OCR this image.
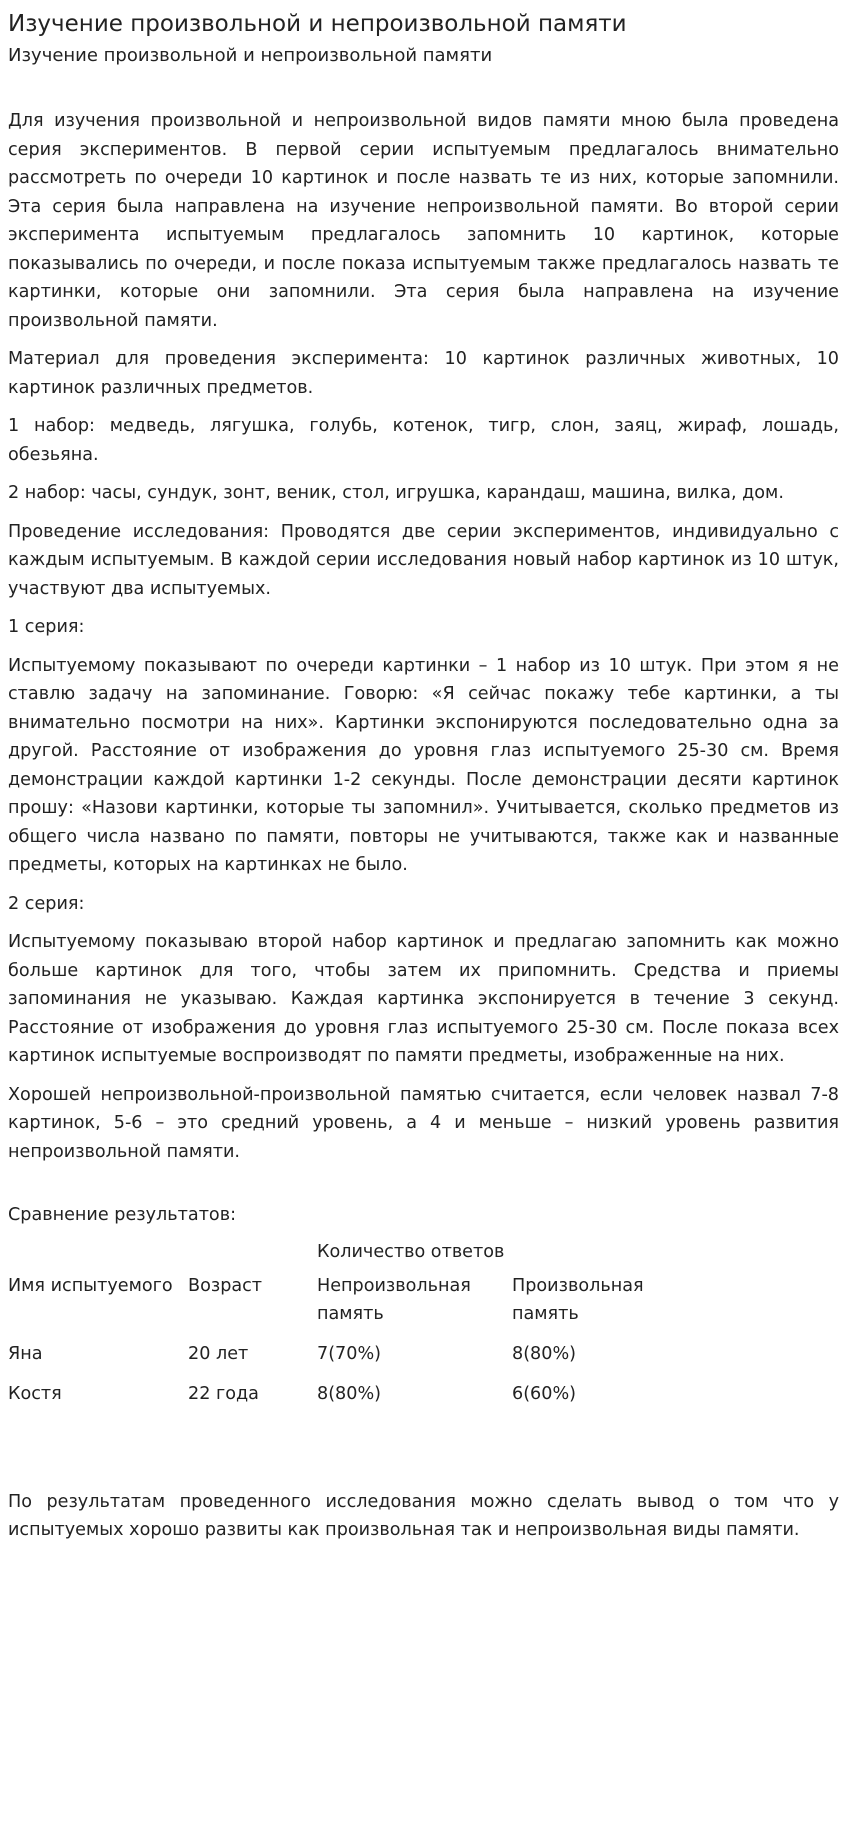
Изучение произвольной и непроизвольной памяти
Изучение произвольной и непроизвольной памяти

Для изучения произвольной и непроизвольной видов памяти мною была проведена серия экспериментов. В первой серии испытуемым предлагалось внимательно рассмотреть по очереди 10 картинок и после назвать те из них, которые запомнили. Эта серия была направлена на изучение непроизвольной памяти. Во второй серии эксперимента испытуемым предлагалось запомнить 10 картинок, которые показывались по очереди, и после показа испытуемым также предлагалось назвать те картинки, которые они запомнили. Эта серия была направлена на изучение произвольной памяти.

Материал для проведения эксперимента: 10 картинок различных животных, 10 картинок различных предметов.

1 набор: медведь, лягушка, голубь, котенок, тигр, слон, заяц, жираф, лошадь, обезьяна.

2 набор: часы, сундук, зонт, веник, стол, игрушка, карандаш, машина, вилка, дом.

Проведение исследования: Проводятся две серии экспериментов, индивидуально с каждым испытуемым. В каждой серии исследования новый набор картинок из 10 штук, участвуют два испытуемых.

1 серия:

Испытуемому показывают по очереди картинки – 1 набор из 10 штук. При этом я не ставлю задачу на запоминание. Говорю: «Я сейчас покажу тебе картинки, а ты внимательно посмотри на них». Картинки экспонируются последовательно одна за другой. Расстояние от изображения до уровня глаз испытуемого 25-30 см. Время демонстрации каждой картинки 1-2 секунды. После демонстрации десяти картинок прошу: «Назови картинки, которые ты запомнил». Учитывается, сколько предметов из общего числа названо по памяти, повторы не учитываются, также как и названные предметы, которых на картинках не было.

2 серия:

Испытуемому показываю второй набор картинок и предлагаю запомнить как можно больше картинок для того, чтобы затем их припомнить. Средства и приемы запоминания не указываю. Каждая картинка экспонируется в течение 3 секунд. Расстояние от изображения до уровня глаз испытуемого 25-30 см. После показа всех картинок испытуемые воспроизводят по памяти предметы, изображенные на них.

Хорошей непроизвольной-произвольной памятью считается, если человек назвал 7-8 картинок, 5-6 – это средний уровень, а 4 и меньше – низкий уровень развития непроизвольной памяти.

Сравнение результатов:
Имя испытуемого	Возраст	Количество ответов	
		Непроизвольная память	Произвольная память
Яна	20 лет	7(70%)	8(80%)
Костя	22 года	8(80%)	6(60%)

По результатам проведенного исследования можно сделать вывод о том что у испытуемых хорошо развиты как произвольная так и непроизвольная виды памяти.
